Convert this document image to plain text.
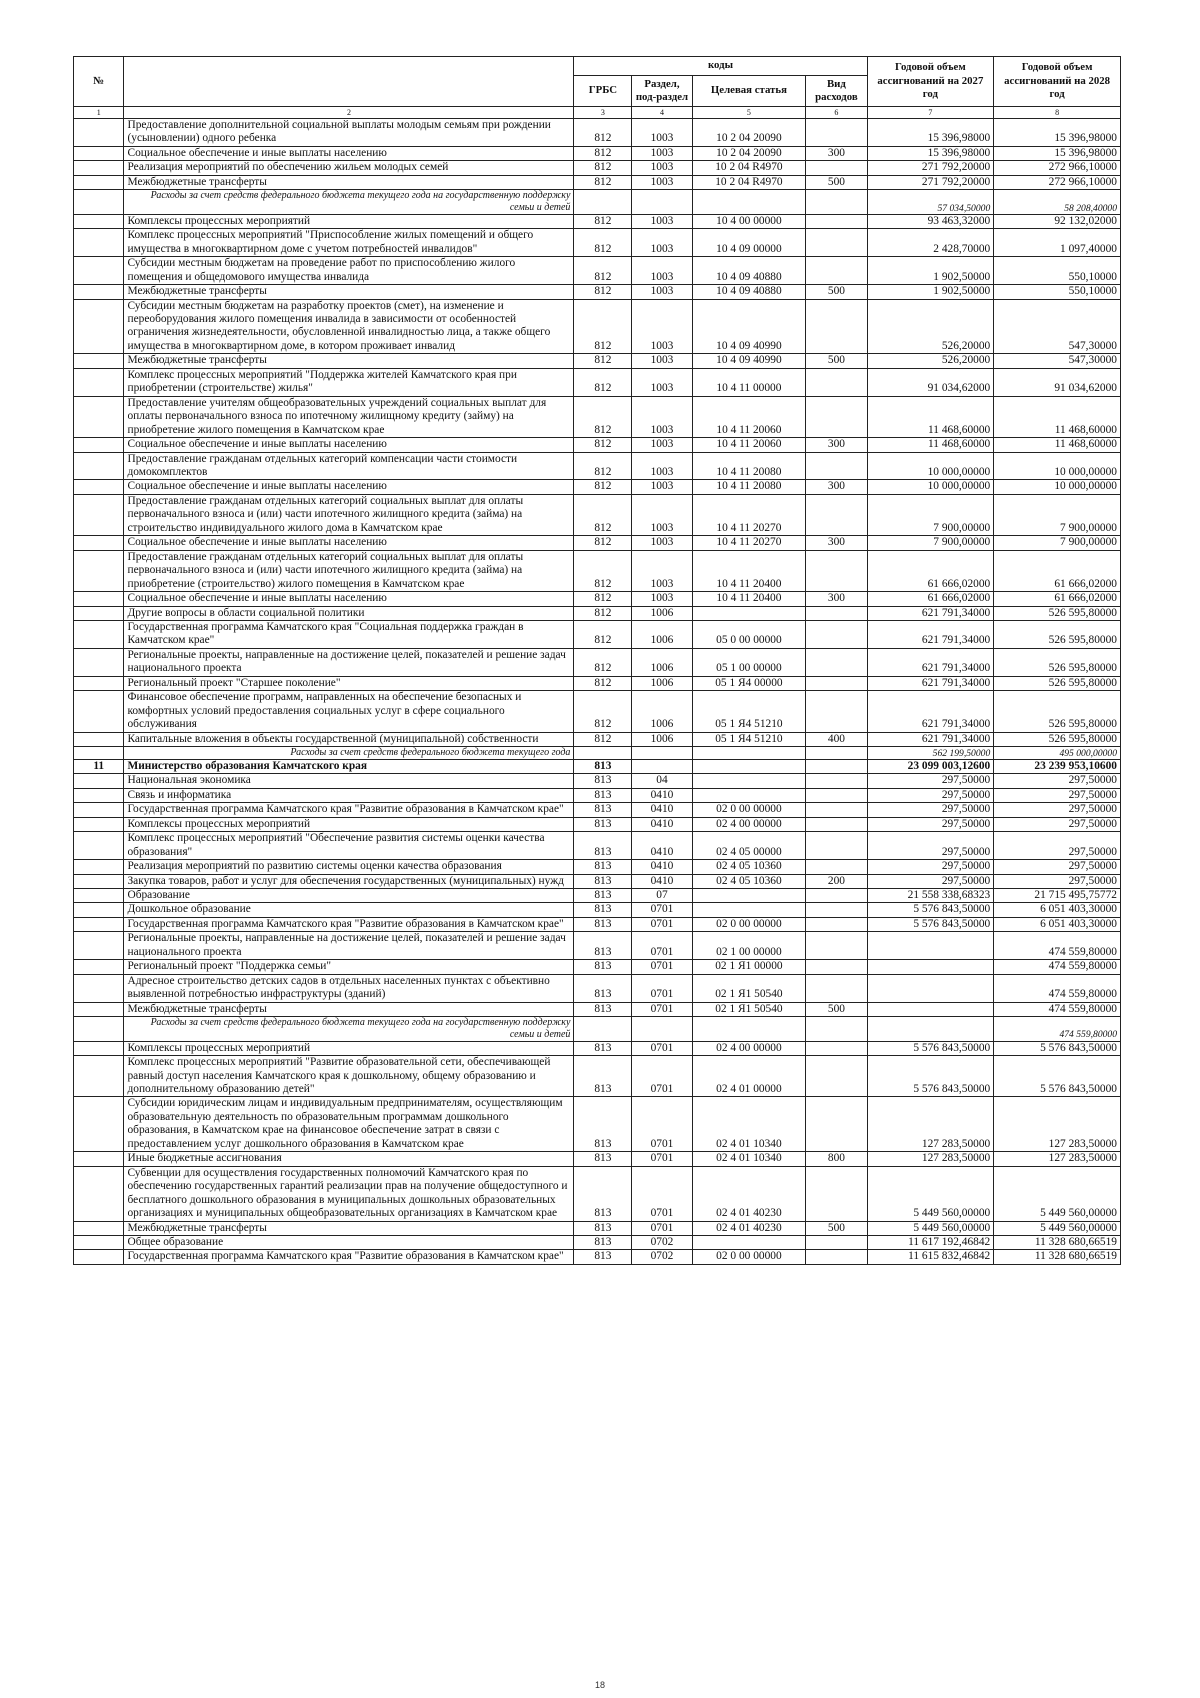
№		коды				Годовой объем ассигнований на 2027 год	Годовой объем ассигнований на 2028 год
		ГРБС	Раздел, под-раздел	Целевая статья	Вид расходов		
1	2	3	4	5	6	7	8
	Предоставление дополнительной социальной выплаты молодым семьям при рождении (усыновлении) одного ребенка	812	1003	10 2 04 20090		15 396,98000	15 396,98000
	Социальное обеспечение и иные выплаты населению	812	1003	10 2 04 20090	300	15 396,98000	15 396,98000
	Реализация мероприятий по обеспечению жильем молодых семей	812	1003	10 2 04 R4970		271 792,20000	272 966,10000
	Межбюджетные трансферты	812	1003	10 2 04 R4970	500	271 792,20000	272 966,10000
	Расходы за счет средств федерального бюджета текущего года на государственную поддержку семьи и детей					57 034,50000	58 208,40000
	Комплексы процессных мероприятий	812	1003	10 4 00 00000		93 463,32000	92 132,02000
	Комплекс процессных мероприятий "Приспособление жилых помещений и общего имущества в многоквартирном доме с учетом потребностей инвалидов"	812	1003	10 4 09 00000		2 428,70000	1 097,40000
	Субсидии местным бюджетам на проведение работ по приспособлению жилого помещения и общедомового имущества инвалида	812	1003	10 4 09 40880		1 902,50000	550,10000
	Межбюджетные трансферты	812	1003	10 4 09 40880	500	1 902,50000	550,10000
	Субсидии местным бюджетам на разработку проектов (смет), на изменение и переоборудования жилого помещения инвалида в зависимости от особенностей ограничения жизнедеятельности, обусловленной инвалидностью лица, а также общего имущества в многоквартирном доме, в котором проживает инвалид	812	1003	10 4 09 40990		526,20000	547,30000
	Межбюджетные трансферты	812	1003	10 4 09 40990	500	526,20000	547,30000
	Комплекс процессных мероприятий "Поддержка жителей Камчатского края при приобретении (строительстве) жилья"	812	1003	10 4 11 00000		91 034,62000	91 034,62000
	Предоставление учителям общеобразовательных учреждений социальных выплат для оплаты первоначального взноса по ипотечному жилищному кредиту (займу) на приобретение жилого помещения в Камчатском крае	812	1003	10 4 11 20060		11 468,60000	11 468,60000
	Социальное обеспечение и иные выплаты населению	812	1003	10 4 11 20060	300	11 468,60000	11 468,60000
	Предоставление гражданам отдельных категорий компенсации части стоимости домокомплектов	812	1003	10 4 11 20080		10 000,00000	10 000,00000
	Социальное обеспечение и иные выплаты населению	812	1003	10 4 11 20080	300	10 000,00000	10 000,00000
	Предоставление гражданам отдельных категорий социальных выплат для оплаты первоначального взноса и (или) части ипотечного жилищного кредита (займа) на строительство индивидуального жилого дома в Камчатском крае	812	1003	10 4 11 20270		7 900,00000	7 900,00000
	Социальное обеспечение и иные выплаты населению	812	1003	10 4 11 20270	300	7 900,00000	7 900,00000
	Предоставление гражданам отдельных категорий социальных выплат для оплаты первоначального взноса и (или) части ипотечного жилищного кредита (займа) на приобретение (строительство) жилого помещения в Камчатском крае	812	1003	10 4 11 20400		61 666,02000	61 666,02000
	Социальное обеспечение и иные выплаты населению	812	1003	10 4 11 20400	300	61 666,02000	61 666,02000
	Другие вопросы в области социальной политики	812	1006			621 791,34000	526 595,80000
	Государственная программа Камчатского края "Социальная поддержка граждан в Камчатском крае"	812	1006	05 0 00 00000		621 791,34000	526 595,80000
	Региональные проекты, направленные на достижение целей, показателей и решение задач национального проекта	812	1006	05 1 00 00000		621 791,34000	526 595,80000
	Региональный проект "Старшее поколение"	812	1006	05 1 Я4 00000		621 791,34000	526 595,80000
	Финансовое обеспечение программ, направленных на обеспечение безопасных и комфортных условий предоставления социальных услуг в сфере социального обслуживания	812	1006	05 1 Я4 51210		621 791,34000	526 595,80000
	Капитальные вложения в объекты государственной (муниципальной) собственности	812	1006	05 1 Я4 51210	400	621 791,34000	526 595,80000
	Расходы за счет средств федерального бюджета текущего года					562 199,50000	495 000,00000
11	Министерство образования Камчатского края	813				23 099 003,12600	23 239 953,10600
	Национальная экономика	813	04			297,50000	297,50000
	Связь и информатика	813	0410			297,50000	297,50000
	Государственная программа Камчатского края "Развитие образования в Камчатском крае"	813	0410	02 0 00 00000		297,50000	297,50000
	Комплексы процессных мероприятий	813	0410	02 4 00 00000		297,50000	297,50000
	Комплекс процессных мероприятий "Обеспечение развития системы оценки качества образования"	813	0410	02 4 05 00000		297,50000	297,50000
	Реализация мероприятий по развитию системы оценки качества образования	813	0410	02 4 05 10360		297,50000	297,50000
	Закупка товаров, работ и услуг для обеспечения государственных (муниципальных) нужд	813	0410	02 4 05 10360	200	297,50000	297,50000
	Образование	813	07			21 558 338,68323	21 715 495,75772
	Дошкольное образование	813	0701			5 576 843,50000	6 051 403,30000
	Государственная программа Камчатского края "Развитие образования в Камчатском крае"	813	0701	02 0 00 00000		5 576 843,50000	6 051 403,30000
	Региональные проекты, направленные на достижение целей, показателей и решение задач национального проекта	813	0701	02 1 00 00000			474 559,80000
	Региональный проект "Поддержка семьи"	813	0701	02 1 Я1 00000			474 559,80000
	Адресное строительство детских садов в отдельных населенных пунктах с объективно выявленной потребностью инфраструктуры (зданий)	813	0701	02 1 Я1 50540			474 559,80000
	Межбюджетные трансферты	813	0701	02 1 Я1 50540	500		474 559,80000
	Расходы за счет средств федерального бюджета текущего года на государственную поддержку семьи и детей						474 559,80000
	Комплексы процессных мероприятий	813	0701	02 4 00 00000		5 576 843,50000	5 576 843,50000
	Комплекс процессных мероприятий "Развитие образовательной сети, обеспечивающей равный доступ населения Камчатского края к дошкольному, общему образованию и дополнительному образованию детей"	813	0701	02 4 01 00000		5 576 843,50000	5 576 843,50000
	Субсидии юридическим лицам и индивидуальным предпринимателям, осуществляющим образовательную деятельность по образовательным программам дошкольного образования, в Камчатском крае на финансовое обеспечение затрат в связи с предоставлением услуг дошкольного образования в Камчатском крае	813	0701	02 4 01 10340		127 283,50000	127 283,50000
	Иные бюджетные ассигнования	813	0701	02 4 01 10340	800	127 283,50000	127 283,50000
	Субвенции для осуществления государственных полномочий Камчатского края по обеспечению государственных гарантий реализации прав на получение общедоступного и бесплатного дошкольного образования в муниципальных дошкольных образовательных организациях и муниципальных общеобразовательных организациях в Камчатском крае	813	0701	02 4 01 40230		5 449 560,00000	5 449 560,00000
	Межбюджетные трансферты	813	0701	02 4 01 40230	500	5 449 560,00000	5 449 560,00000
	Общее образование	813	0702			11 617 192,46842	11 328 680,66519
	Государственная программа Камчатского края "Развитие образования в Камчатском крае"	813	0702	02 0 00 00000		11 615 832,46842	11 328 680,66519
18
